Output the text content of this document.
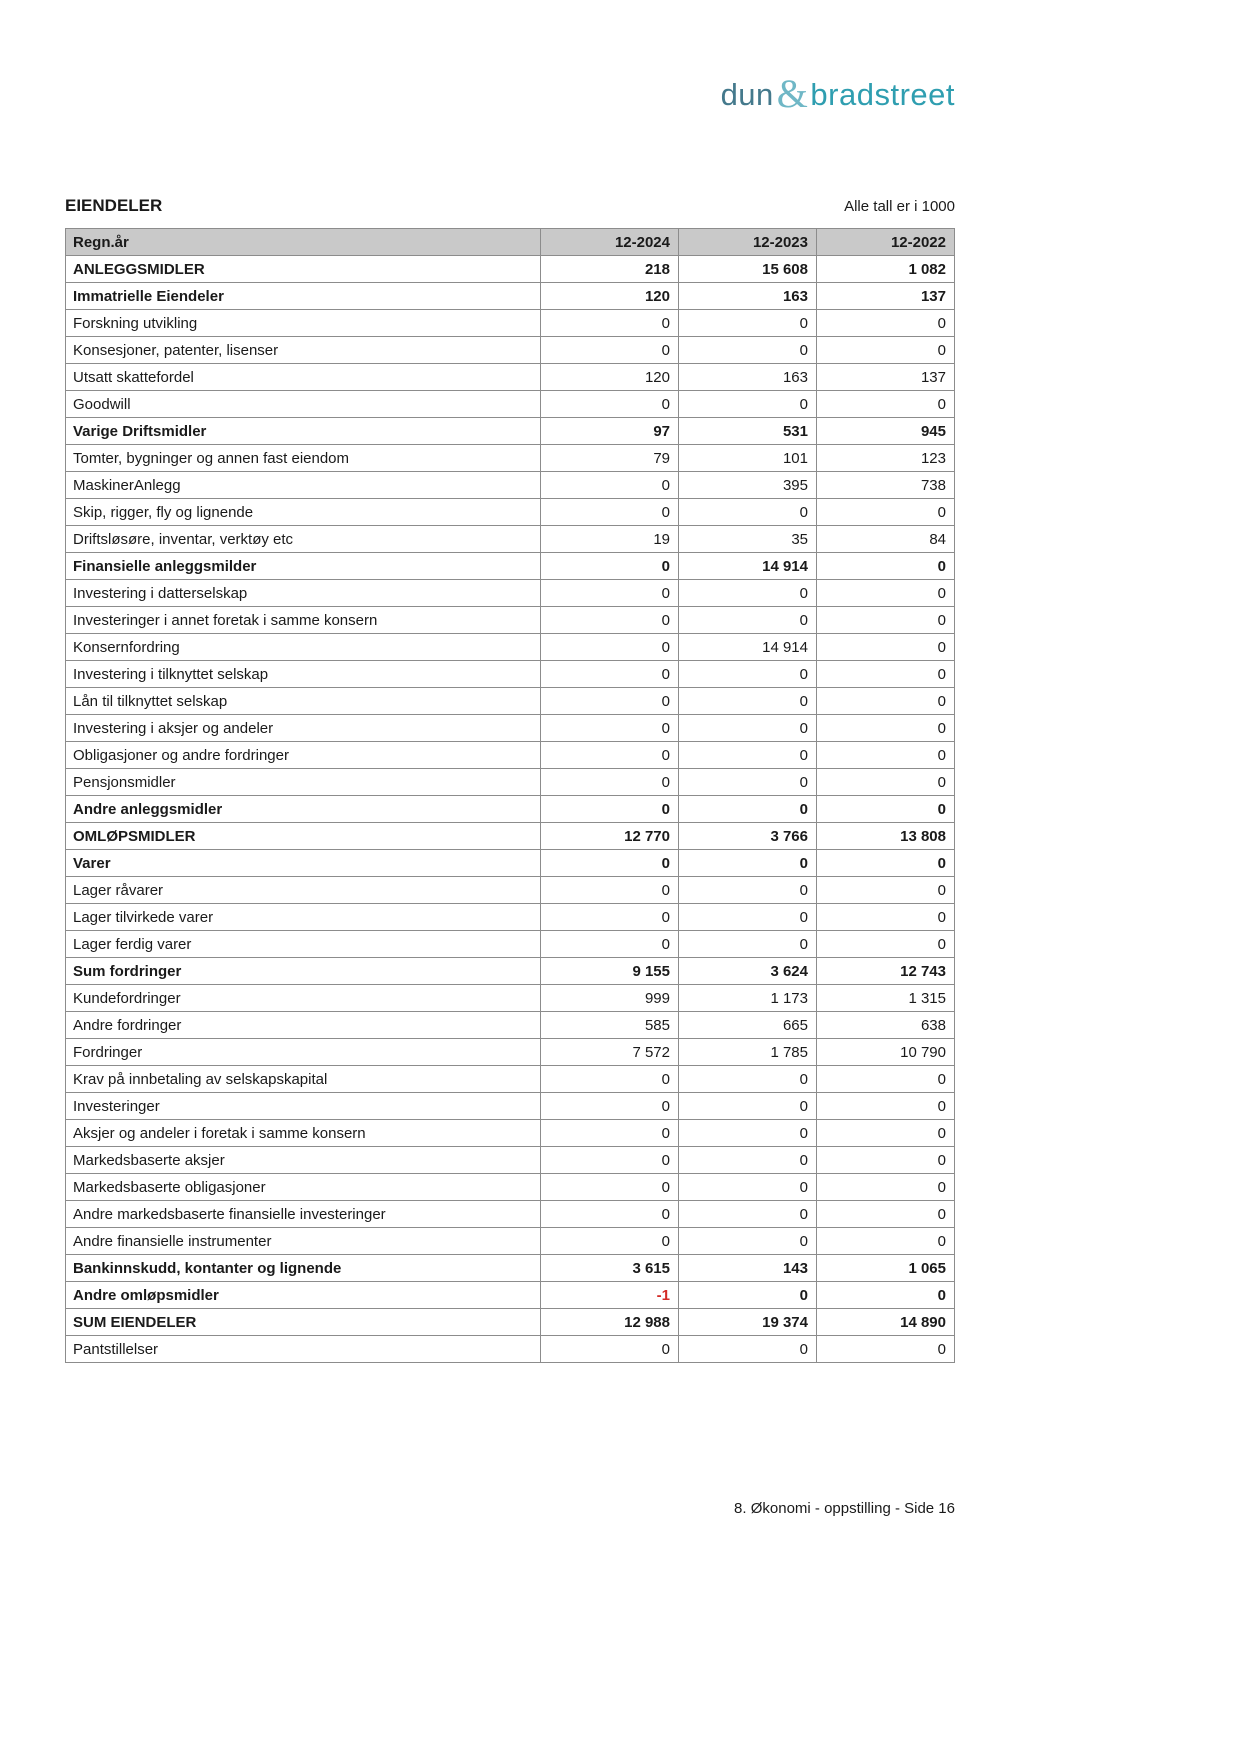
dun & bradstreet
EIENDELER	Alle tall er i 1000
Regn.år	12-2024	12-2023	12-2022
ANLEGGSMIDLER	218	15 608	1 082
Immatrielle Eiendeler	120	163	137
Forskning utvikling	0	0	0
Konsesjoner, patenter, lisenser	0	0	0
Utsatt skattefordel	120	163	137
Goodwill	0	0	0
Varige Driftsmidler	97	531	945
Tomter, bygninger og annen fast eiendom	79	101	123
MaskinerAnlegg	0	395	738
Skip, rigger, fly og lignende	0	0	0
Driftsløsøre, inventar, verktøy etc	19	35	84
Finansielle anleggsmilder	0	14 914	0
Investering i datterselskap	0	0	0
Investeringer i annet foretak i samme konsern	0	0	0
Konsernfordring	0	14 914	0
Investering i tilknyttet selskap	0	0	0
Lån til tilknyttet selskap	0	0	0
Investering i aksjer og andeler	0	0	0
Obligasjoner og andre fordringer	0	0	0
Pensjonsmidler	0	0	0
Andre anleggsmidler	0	0	0
OMLØPSMIDLER	12 770	3 766	13 808
Varer	0	0	0
Lager råvarer	0	0	0
Lager tilvirkede varer	0	0	0
Lager ferdig varer	0	0	0
Sum fordringer	9 155	3 624	12 743
Kundefordringer	999	1 173	1 315
Andre fordringer	585	665	638
Fordringer	7 572	1 785	10 790
Krav på innbetaling av selskapskapital	0	0	0
Investeringer	0	0	0
Aksjer og andeler i foretak i samme konsern	0	0	0
Markedsbaserte aksjer	0	0	0
Markedsbaserte obligasjoner	0	0	0
Andre markedsbaserte finansielle investeringer	0	0	0
Andre finansielle instrumenter	0	0	0
Bankinnskudd, kontanter og lignende	3 615	143	1 065
Andre omløpsmidler	-1	0	0
SUM EIENDELER	12 988	19 374	14 890
Pantstillelser	0	0	0
8. Økonomi - oppstilling - Side 16
